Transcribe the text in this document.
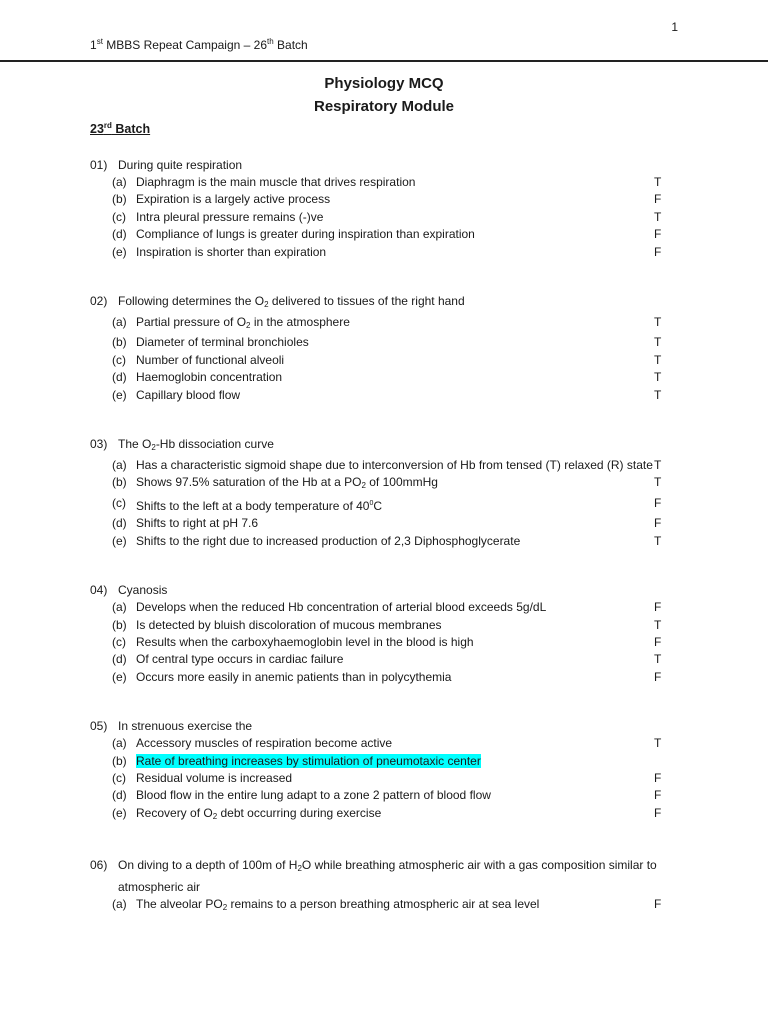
1
1st MBBS Repeat Campaign – 26th Batch
Physiology MCQ
Respiratory Module
23rd Batch
01) During quite respiration
(a) Diaphragm is the main muscle that drives respiration	T
(b) Expiration is a largely active process	F
(c) Intra pleural pressure remains (-)ve	T
(d) Compliance of lungs is greater during inspiration than expiration	F
(e) Inspiration is shorter than expiration	F
02) Following determines the $O_2$ delivered to tissues of the right hand
(a) Partial pressure of $O_2$ in the atmosphere	T
(b) Diameter of terminal bronchioles	T
(c) Number of functional alveoli	T
(d) Haemoglobin concentration	T
(e) Capillary blood flow	T
03) The $O_2-Hb$ dissociation curve
(a) Has a characteristic sigmoid shape due to interconversion of Hb from tensed (T) relaxed (R) state T
(b) Shows 97.5% saturation of the Hb at a $PO_2$ of 100mmHg	T
(c) Shifts to the left at a body temperature of $40^0C$	F
(d) Shifts to right at pH 7.6	F
(e) Shifts to the right due to increased production of 2,3 Diphosphoglycerate	T
04) Cyanosis
(a) Develops when the reduced Hb concentration of arterial blood exceeds 5g/dL	F
(b) Is detected by bluish discoloration of mucous membranes	T
(c) Results when the carboxyhaemoglobin level in the blood is high	F
(d) Of central type occurs in cardiac failure	T
(e) Occurs more easily in anemic patients than in polycythemia	F
05) In strenuous exercise the
(a) Accessory muscles of respiration become active	T
(b) Rate of breathing increases by stimulation of pneumotaxic center
(c) Residual volume is increased	F
(d) Blood flow in the entire lung adapt to a zone 2 pattern of blood flow	F
(e) Recovery of $O_2$ debt occurring during exercise	F
06) On diving to a depth of 100m of $H_2O$ while breathing atmospheric air with a gas composition similar to atmospheric air
(a) The alveolar $PO_2$ remains to a person breathing atmospheric air at sea level	F
